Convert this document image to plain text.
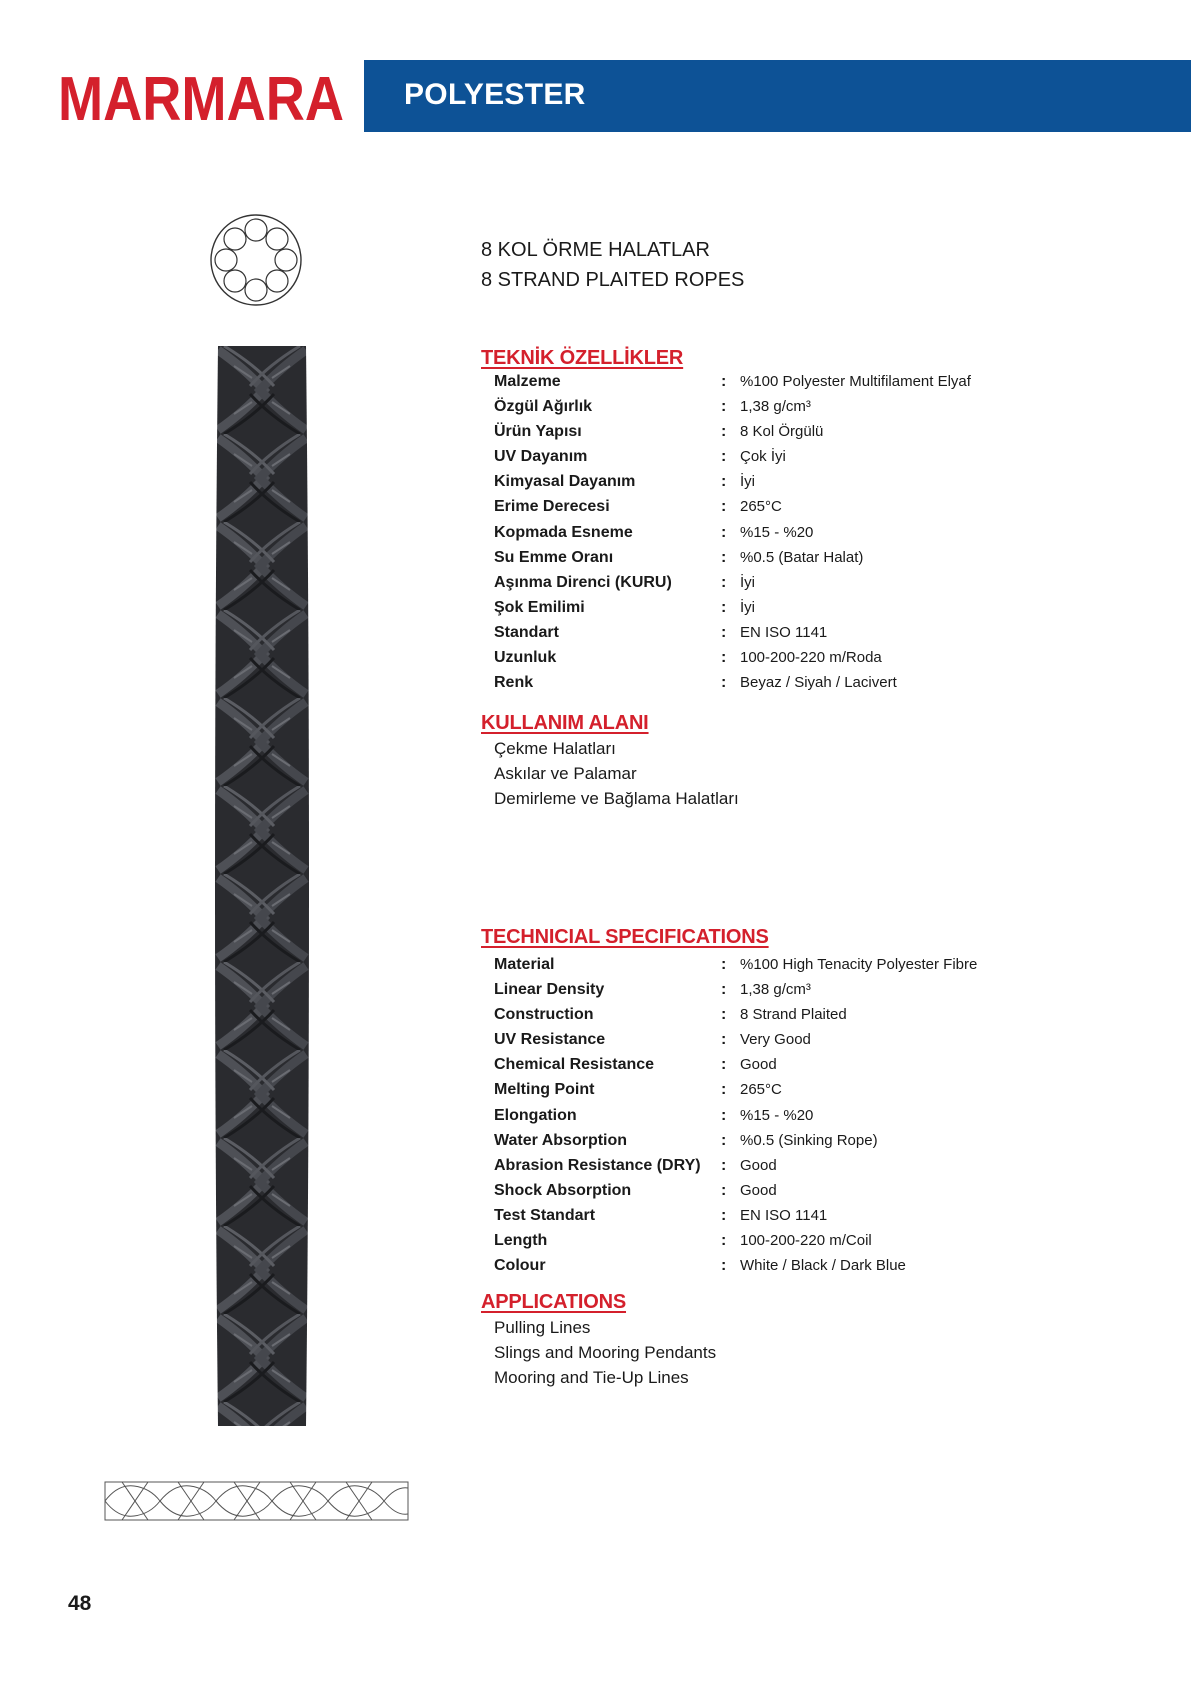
MARMARA POLYESTER
8 KOL ÖRME HALATLAR
8 STRAND PLAITED ROPES
TEKNİK ÖZELLİKLER
Malzeme	: %100 Polyester Multifilament Elyaf
Özgül Ağırlık	: 1,38 g/cm³
Ürün Yapısı	: 8 Kol Örgülü
UV Dayanım	: Çok İyi
Kimyasal Dayanım	: İyi
Erime Derecesi	: 265°C
Kopmada Esneme	: %15 - %20
Su Emme Oranı	: %0.5 (Batar Halat)
Aşınma Direnci (KURU)	: İyi
Şok Emilimi	: İyi
Standart	: EN ISO 1141
Uzunluk	: 100-200-220 m/Roda
Renk	: Beyaz / Siyah / Lacivert
KULLANIM ALANI
Çekme Halatları
Askılar ve Palamar
Demirleme ve Bağlama Halatları
TECHNICIAL SPECIFICATIONS
Material	: %100 High Tenacity Polyester Fibre
Linear Density	: 1,38 g/cm³
Construction	: 8 Strand Plaited
UV Resistance	: Very Good
Chemical Resistance	: Good
Melting Point	: 265°C
Elongation	: %15 - %20
Water Absorption	: %0.5 (Sinking Rope)
Abrasion Resistance (DRY) : Good
Shock Absorption	: Good
Test Standart	: EN ISO 1141
Length	: 100-200-220 m/Coil
Colour	: White / Black / Dark Blue
APPLICATIONS
Pulling Lines
Slings and Mooring Pendants
Mooring and Tie-Up Lines
48
